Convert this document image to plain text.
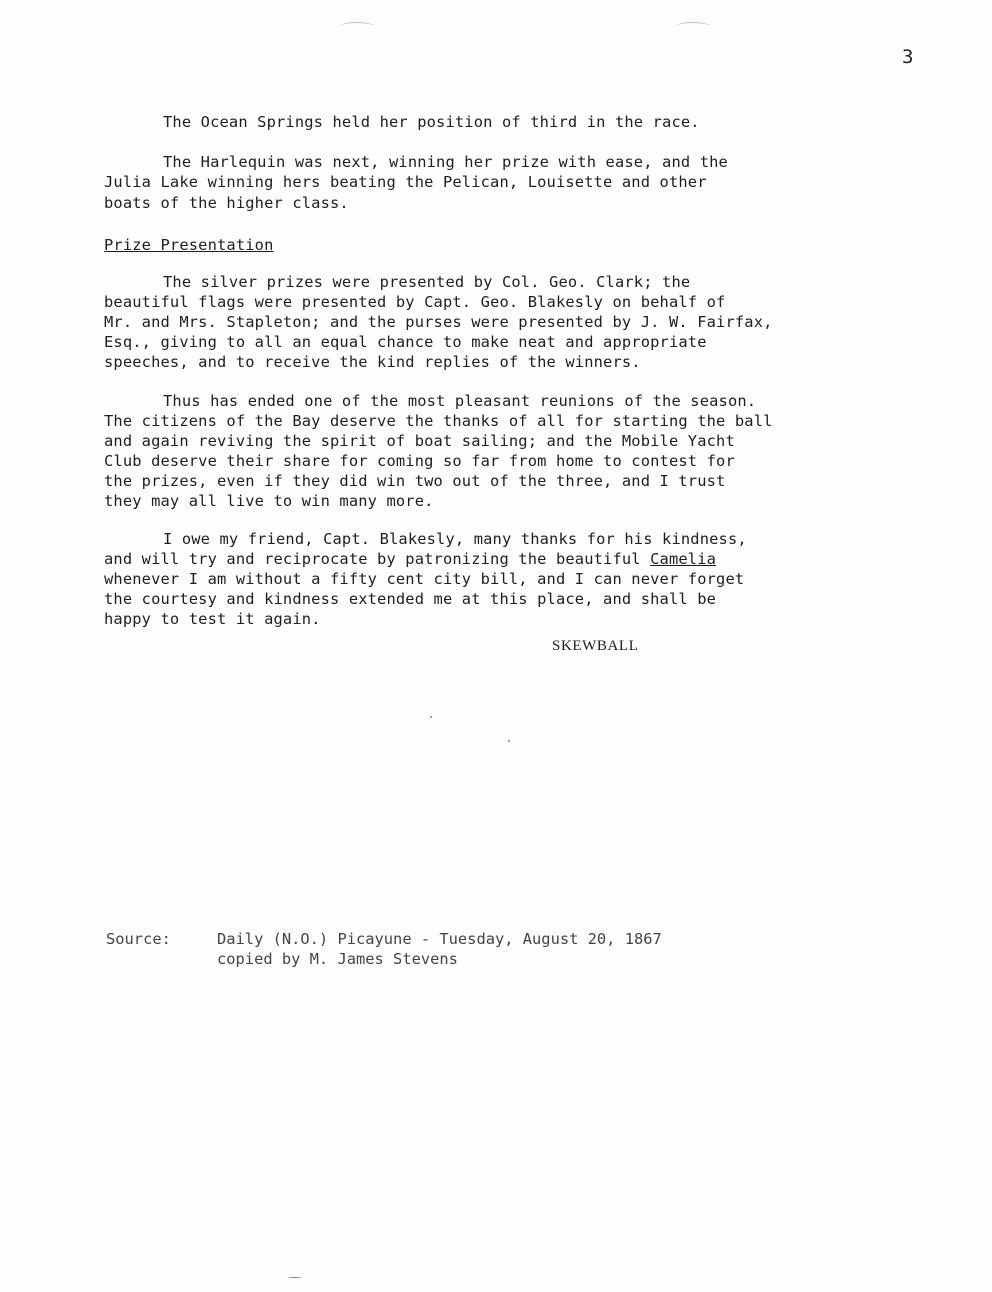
3
The Ocean Springs held her position of third in the race.
The Harlequin was next, winning her prize with ease, and the
Julia Lake winning hers beating the Pelican, Louisette and other
boats of the higher class.
Prize Presentation
The silver prizes were presented by Col. Geo. Clark; the
beautiful flags were presented by Capt. Geo. Blakesly on behalf of
Mr. and Mrs. Stapleton; and the purses were presented by J. W. Fairfax,
Esq., giving to all an equal chance to make neat and appropriate
speeches, and to receive the kind replies of the winners.
Thus has ended one of the most pleasant reunions of the season.
The citizens of the Bay deserve the thanks of all for starting the ball
and again reviving the spirit of boat sailing; and the Mobile Yacht
Club deserve their share for coming so far from home to contest for
the prizes, even if they did win two out of the three, and I trust
they may all live to win many more.
I owe my friend, Capt. Blakesly, many thanks for his kindness,
and will try and reciprocate by patronizing the beautiful Camelia
whenever I am without a fifty cent city bill, and I can never forget
the courtesy and kindness extended me at this place, and shall be
happy to test it again.
SKEWBALL
Source:	Daily (N.O.) Picayune - Tuesday, August 20, 1867
copied by M. James Stevens
